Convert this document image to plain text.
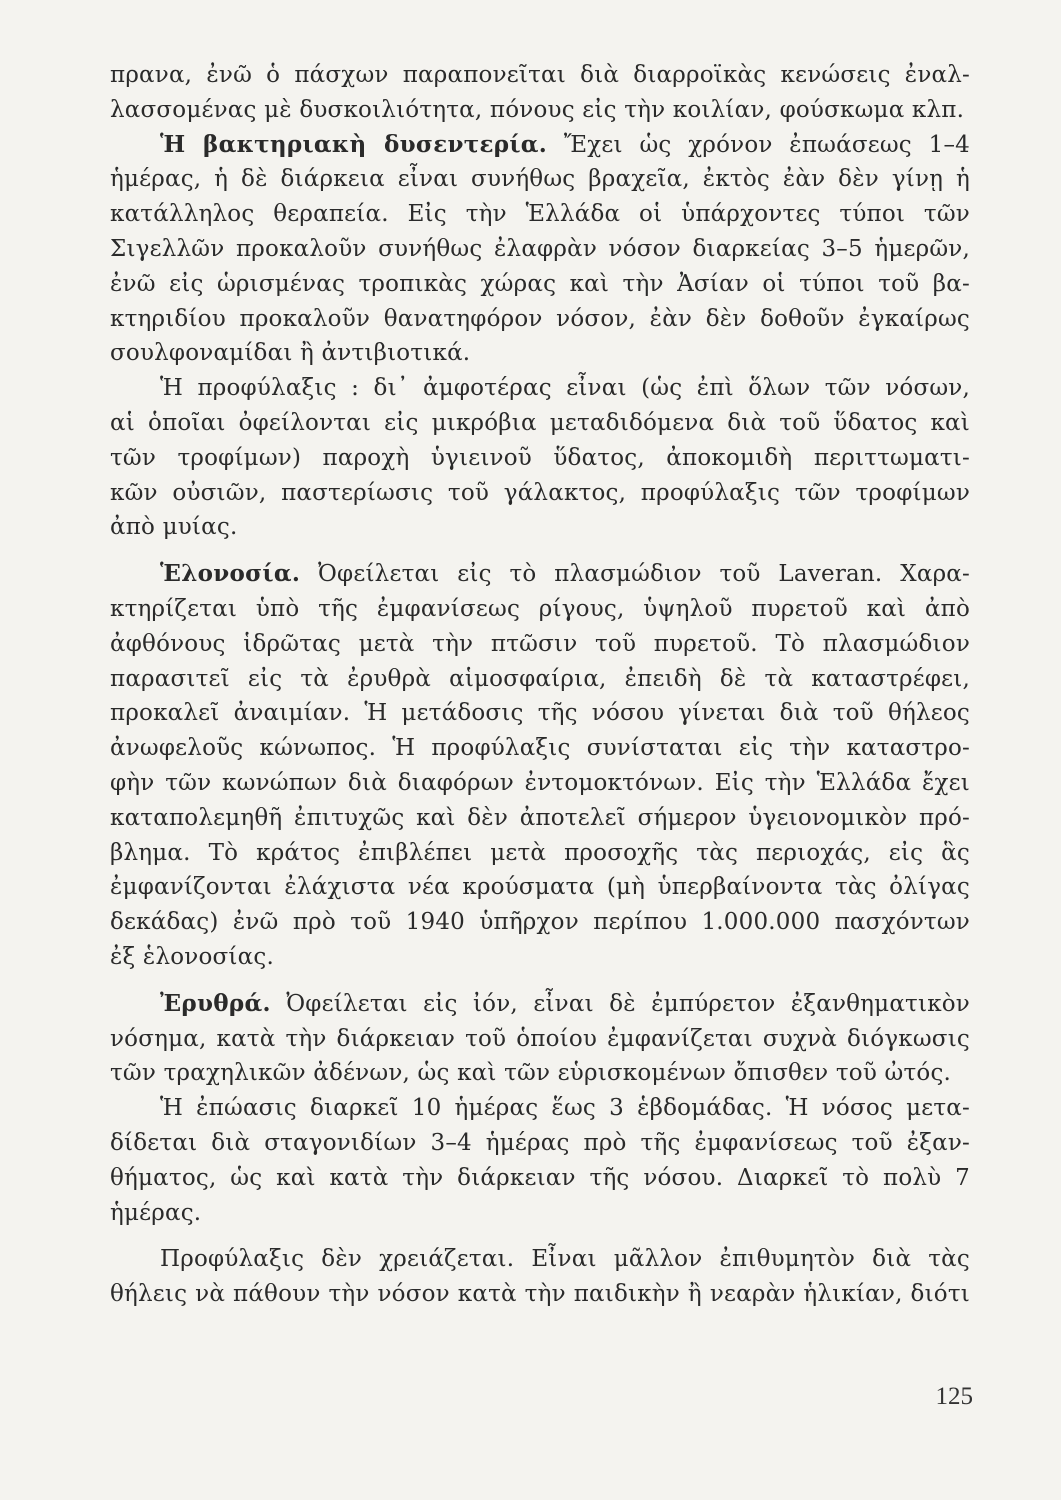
πρανα, ἐνῶ ὁ πάσχων παραπονεῖται διὰ διαρροϊκὰς κενώσεις ἐναλ-
λασσομένας μὲ δυσκοιλιότητα, πόνους εἰς τὴν κοιλίαν, φούσκωμα κλπ.
Ἡ βακτηριακὴ δυσεντερία. Ἔχει ὡς χρόνον ἐπωάσεως 1–4
ἡμέρας, ἡ δὲ διάρκεια εἶναι συνήθως βραχεῖα, ἐκτὸς ἐὰν δὲν γίνῃ ἡ
κατάλληλος θεραπεία. Εἰς τὴν Ἑλλάδα οἱ ὑπάρχοντες τύποι τῶν
Σιγελλῶν προκαλοῦν συνήθως ἐλαφρὰν νόσον διαρκείας 3–5 ἡμερῶν,
ἐνῶ εἰς ὡρισμένας τροπικὰς χώρας καὶ τὴν Ἀσίαν οἱ τύποι τοῦ βα-
κτηριδίου προκαλοῦν θανατηφόρον νόσον, ἐὰν δὲν δοθοῦν ἐγκαίρως
σουλφοναμίδαι ἢ ἀντιβιοτικά.
Ἡ προφύλαξις : δι᾽ ἀμφοτέρας εἶναι (ὡς ἐπὶ ὅλων τῶν νόσων,
αἱ ὁποῖαι ὀφείλονται εἰς μικρόβια μεταδιδόμενα διὰ τοῦ ὕδατος καὶ
τῶν τροφίμων) παροχὴ ὑγιεινοῦ ὕδατος, ἀποκομιδὴ περιττωματι-
κῶν οὐσιῶν, παστερίωσις τοῦ γάλακτος, προφύλαξις τῶν τροφίμων
ἀπὸ μυίας.
Ἑλονοσία. Ὀφείλεται εἰς τὸ πλασμώδιον τοῦ Laveran. Χαρα-
κτηρίζεται ὑπὸ τῆς ἐμφανίσεως ρίγους, ὑψηλοῦ πυρετοῦ καὶ ἀπὸ
ἀφθόνους ἱδρῶτας μετὰ τὴν πτῶσιν τοῦ πυρετοῦ. Τὸ πλασμώδιον
παρασιτεῖ εἰς τὰ ἐρυθρὰ αἱμοσφαίρια, ἐπειδὴ δὲ τὰ καταστρέφει,
προκαλεῖ ἀναιμίαν. Ἡ μετάδοσις τῆς νόσου γίνεται διὰ τοῦ θήλεος
ἀνωφελοῦς κώνωπος. Ἡ προφύλαξις συνίσταται εἰς τὴν καταστρο-
φὴν τῶν κωνώπων διὰ διαφόρων ἐντομοκτόνων. Εἰς τὴν Ἑλλάδα ἔχει
καταπολεμηθῆ ἐπιτυχῶς καὶ δὲν ἀποτελεῖ σήμερον ὑγειονομικὸν πρό-
βλημα. Τὸ κράτος ἐπιβλέπει μετὰ προσοχῆς τὰς περιοχάς, εἰς ἃς
ἐμφανίζονται ἐλάχιστα νέα κρούσματα (μὴ ὑπερβαίνοντα τὰς ὀλίγας
δεκάδας) ἐνῶ πρὸ τοῦ 1940 ὑπῆρχον περίπου 1.000.000 πασχόντων
ἐξ ἑλονοσίας.
Ἐρυθρά. Ὀφείλεται εἰς ἰόν, εἶναι δὲ ἐμπύρετον ἐξανθηματικὸν
νόσημα, κατὰ τὴν διάρκειαν τοῦ ὁποίου ἐμφανίζεται συχνὰ διόγκωσις
τῶν τραχηλικῶν ἀδένων, ὡς καὶ τῶν εὑρισκομένων ὄπισθεν τοῦ ὠτός.
Ἡ ἐπώασις διαρκεῖ 10 ἡμέρας ἕως 3 ἑβδομάδας. Ἡ νόσος μετα-
δίδεται διὰ σταγονιδίων 3–4 ἡμέρας πρὸ τῆς ἐμφανίσεως τοῦ ἐξαν-
θήματος, ὡς καὶ κατὰ τὴν διάρκειαν τῆς νόσου. Διαρκεῖ τὸ πολὺ 7
ἡμέρας.
Προφύλαξις δὲν χρειάζεται. Εἶναι μᾶλλον ἐπιθυμητὸν διὰ τὰς
θήλεις νὰ πάθουν τὴν νόσον κατὰ τὴν παιδικὴν ἢ νεαρὰν ἡλικίαν, διότι
125
